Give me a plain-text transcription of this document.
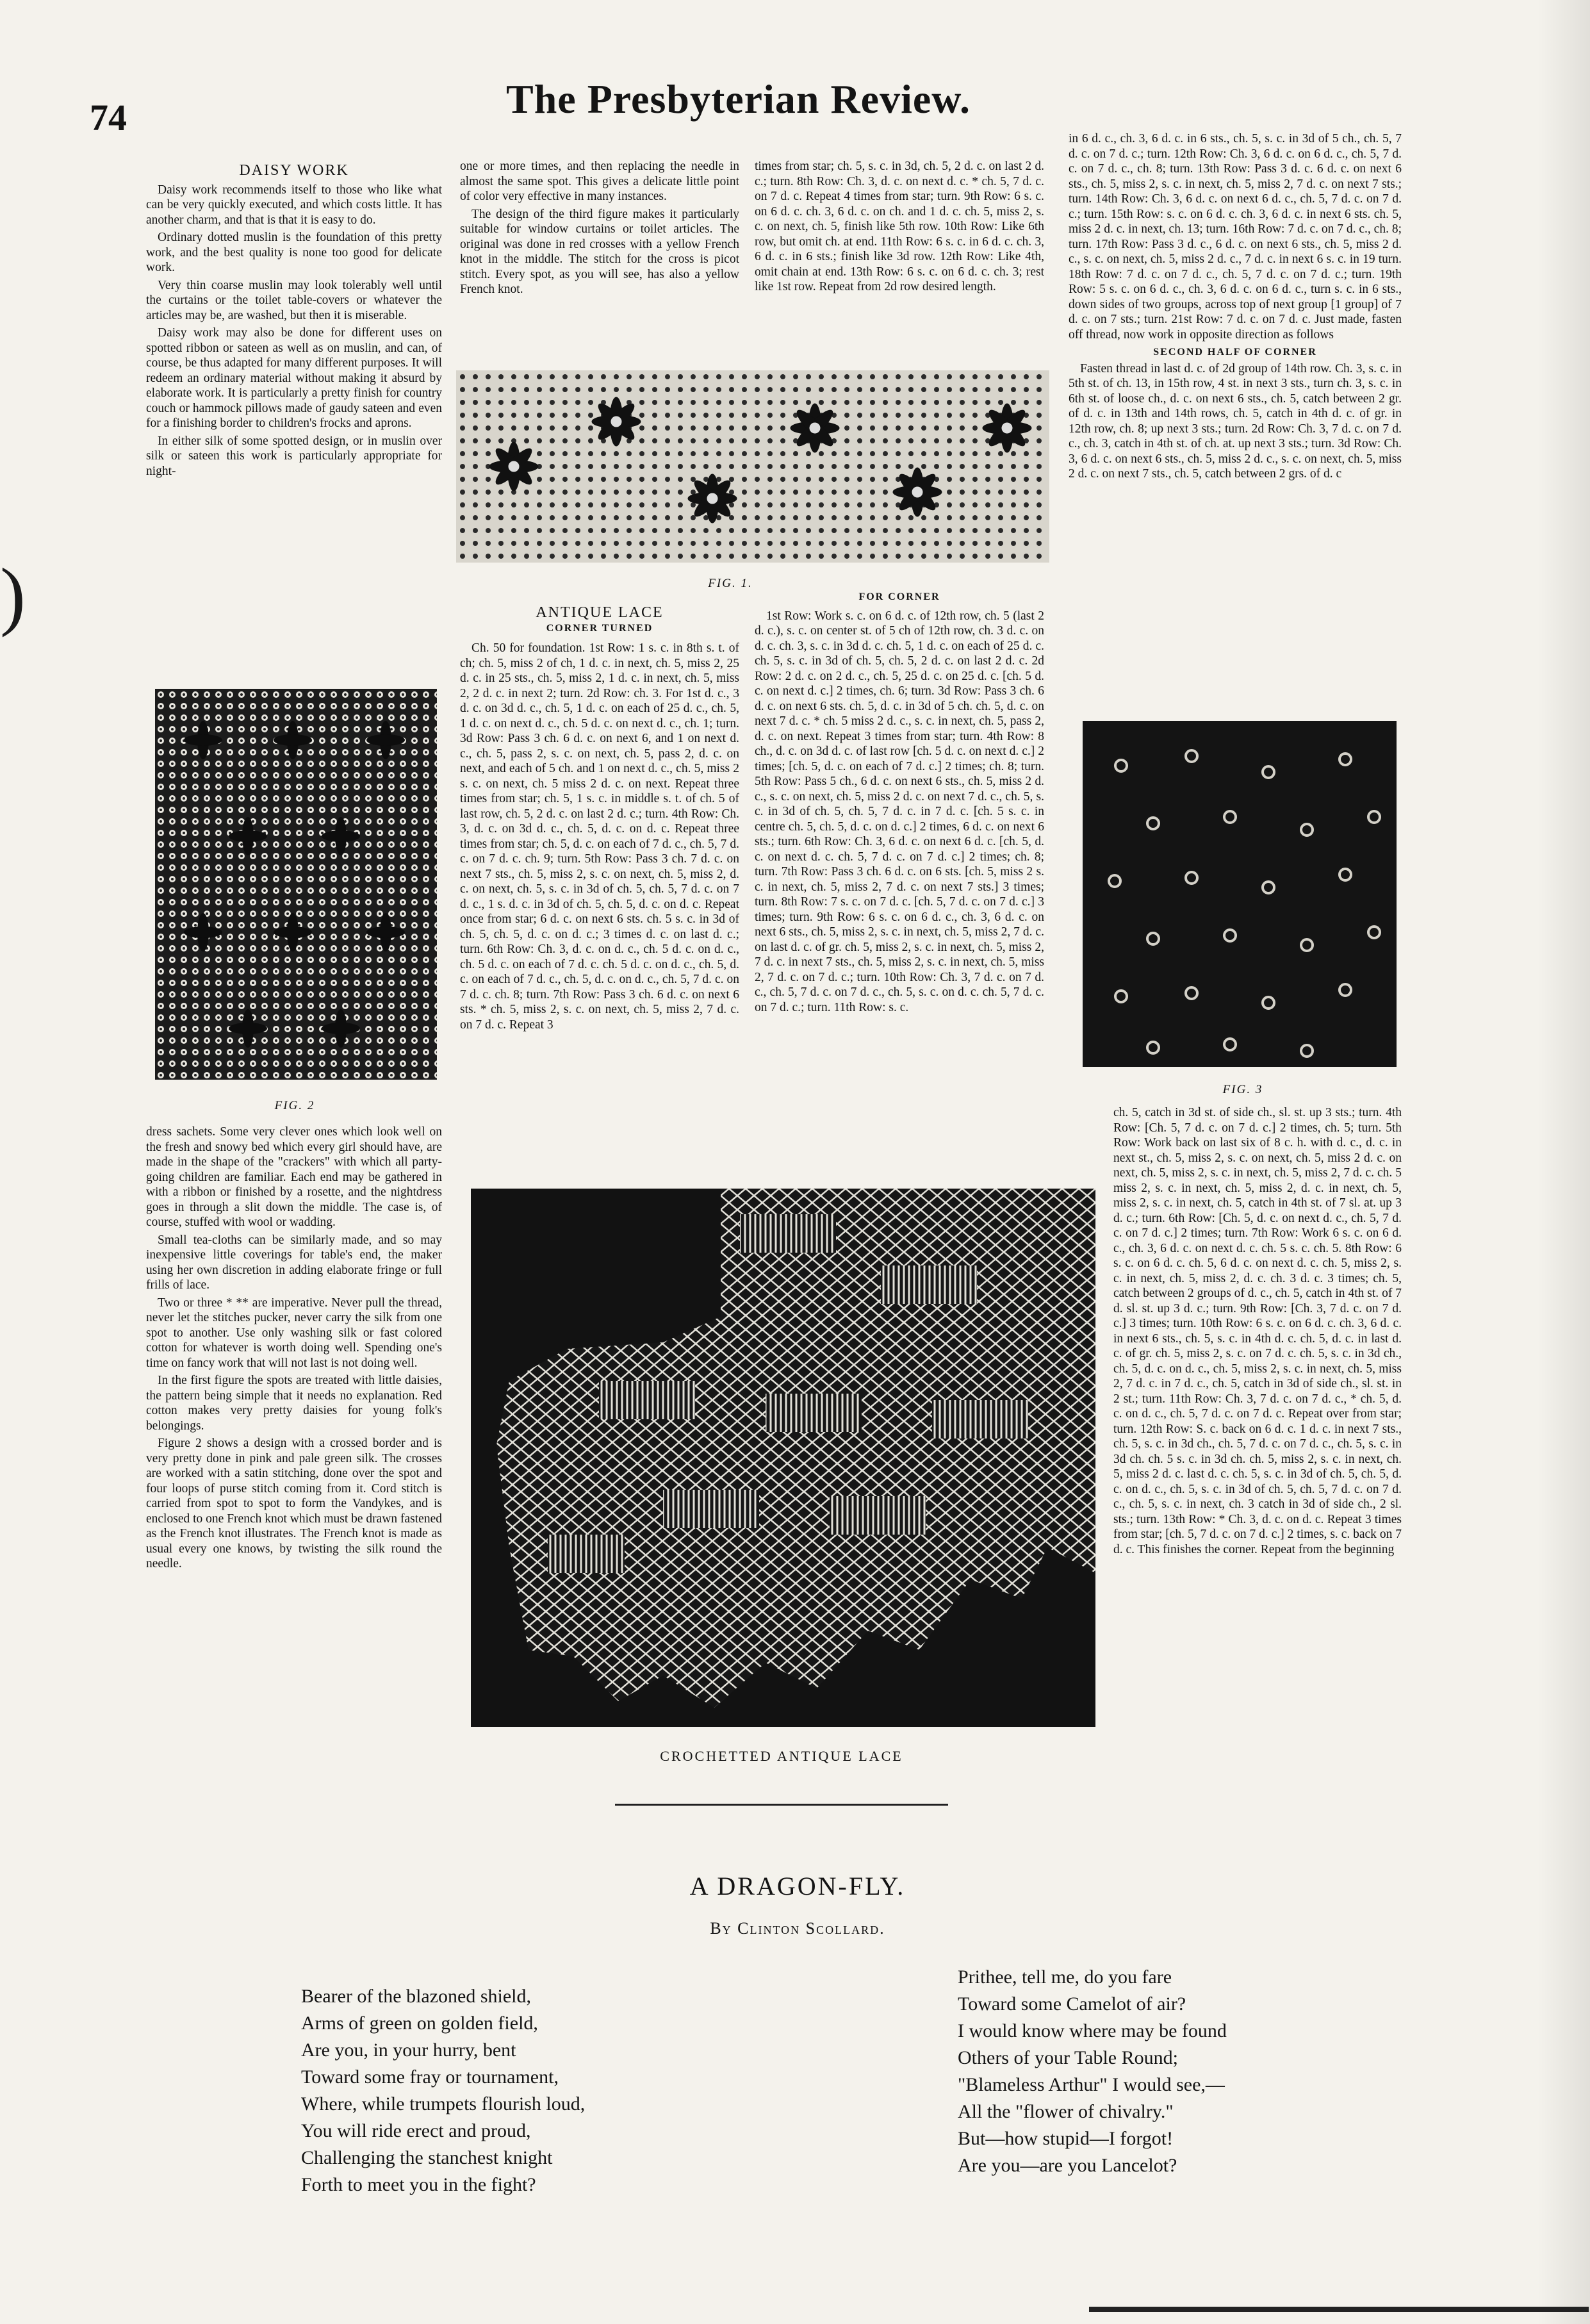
74	The Presbyterian Review.
DAISY WORK

Daisy work recommends itself to those who like what can be very quickly executed, and which costs little. It has another charm, and that is that it is easy to do.

Ordinary dotted muslin is the foundation of this pretty work, and the best quality is none too good for delicate work.

Very thin coarse muslin may look tolerably well until the curtains or the toilet table-covers or whatever the articles may be, are washed, but then it is miserable.

Daisy work may also be done for different uses on spotted ribbon or sateen as well as on muslin, and can, of course, be thus adapted for many different purposes. It will redeem an ordinary material without making it absurd by elaborate work. It is particularly a pretty finish for country couch or hammock pillows made of gaudy sateen and even for a finishing border to children's frocks and aprons.

In either silk of some spotted design, or in muslin over silk or sateen this work is particularly appropriate for night-

FIG. 2

dress sachets. Some very clever ones which look well on the fresh and snowy bed which every girl should have, are made in the shape of the "crackers" with which all party-going children are familiar. Each end may be gathered in with a ribbon or finished by a rosette, and the nightdress goes in through a slit down the middle. The case is, of course, stuffed with wool or wadding.

Small tea-cloths can be similarly made, and so may inexpensive little coverings for table's end, the maker using her own discretion in adding elaborate fringe or full frills of lace.

Two or three * ** are imperative. Never pull the thread, never let the stitches pucker, never carry the silk from one spot to another. Use only washing silk or fast colored cotton for whatever is worth doing well. Spending one's time on fancy work that will not last is not doing well.

In the first figure the spots are treated with little daisies, the pattern being simple that it needs no explanation. Red cotton makes very pretty daisies for young folk's belongings.

Figure 2 shows a design with a crossed border and is very pretty done in pink and pale green silk. The crosses are worked with a satin stitching, done over the spot and four loops of purse stitch coming from it. Cord stitch is carried from spot to spot to form the Vandykes, and is enclosed to one French knot which must be drawn fastened as the French knot illustrates. The French knot is made as usual every one knows, by twisting the silk round the needle.

one or more times, and then replacing the needle in almost the same spot. This gives a delicate little point of color very effective in many instances.

The design of the third figure makes it particularly suitable for window curtains or toilet articles. The original was done in red crosses with a yellow French knot in the middle. The stitch for the cross is picot stitch. Every spot, as you will see, has also a yellow French knot.

times from star; ch. 5, s. c. in 3d, ch. 5, 2 d. c. on last 2 d. c.; turn. 8th Row: Ch. 3, d. c. on next d. c. * ch. 5, 7 d. c. on 7 d. c. Repeat 4 times from star; turn. 9th Row: 6 s. c. on 6 d. c. ch. 3, 6 d. c. on ch. and 1 d. c. ch. 5, miss 2, s. c. on next, ch. 5, finish like 5th row. 10th Row: Like 6th row, but omit ch. at end. 11th Row: 6 s. c. in 6 d. c. ch. 3, 6 d. c. in 6 sts.; finish like 3d row. 12th Row: Like 4th, omit chain at end. 13th Row: 6 s. c. on 6 d. c. ch. 3; rest like 1st row. Repeat from 2d row desired length.

FIG. 1.
ANTIQUE LACE
CORNER TURNED

Ch. 50 for foundation. 1st Row: 1 s. c. in 8th s. t. of ch; ch. 5, miss 2 of ch, 1 d. c. in next, ch. 5, miss 2, 25 d. c. in 25 sts., ch. 5, miss 2, 1 d. c. in next, ch. 5, miss 2, 2 d. c. in next 2; turn. 2d Row: ch. 3. For 1st d. c., 3 d. c. on 3d d. c., ch. 5, 1 d. c. on each of 25 d. c., ch. 5, 1 d. c. on next d. c., ch. 5 d. c. on next d. c., ch. 1; turn. 3d Row: Pass 3 ch. 6 d. c. on next 6, and 1 on next d. c., ch. 5, pass 2, s. c. on next, ch. 5, pass 2, d. c. on next, and each of 5 ch. and 1 on next d. c., ch. 5, miss 2 s. c. on next, ch. 5 miss 2 d. c. on next. Repeat three times from star; ch. 5, 1 s. c. in middle s. t. of ch. 5 of last row, ch. 5, 2 d. c. on last 2 d. c.; turn. 4th Row: Ch. 3, d. c. on 3d d. c., ch. 5, d. c. on d. c. Repeat three times from star; ch. 5, d. c. on each of 7 d. c., ch. 5, 7 d. c. on 7 d. c. ch. 9; turn. 5th Row: Pass 3 ch. 7 d. c. on next 7 sts., ch. 5, miss 2, s. c. on next, ch. 5, miss 2, d. c. on next, ch. 5, s. c. in 3d of ch. 5, ch. 5, 7 d. c. on 7 d. c., 1 s. d. c. in 3d of ch. 5, ch. 5, d. c. on d. c. Repeat once from star; 6 d. c. on next 6 sts. ch. 5 s. c. in 3d of ch. 5, ch. 5, d. c. on d. c.; 3 times d. c. on last d. c.; turn. 6th Row: Ch. 3, d. c. on d. c., ch. 5 d. c. on d. c., ch. 5 d. c. on each of 7 d. c. ch. 5 d. c. on d. c., ch. 5, d. c. on each of 7 d. c., ch. 5, d. c. on d. c., ch. 5, 7 d. c. on 7 d. c. ch. 8; turn. 7th Row: Pass 3 ch. 6 d. c. on next 6 sts. * ch. 5, miss 2, s. c. on next, ch. 5, miss 2, 7 d. c. on 7 d. c. Repeat 3

FOR CORNER

1st Row: Work s. c. on 6 d. c. of 12th row, ch. 5 (last 2 d. c.), s. c. on center st. of 5 ch of 12th row, ch. 3 d. c. on d. c. ch. 3, s. c. in 3d d. c. ch. 5, 1 d. c. on each of 25 d. c. ch. 5, s. c. in 3d of ch. 5, ch. 5, 2 d. c. on last 2 d. c. 2d Row: 2 d. c. on 2 d. c., ch. 5, 25 d. c. on 25 d. c. [ch. 5 d. c. on next d. c.] 2 times, ch. 6; turn. 3d Row: Pass 3 ch. 6 d. c. on next 6 sts. ch. 5, d. c. in 3d of 5 ch. ch. 5, d. c. on next 7 d. c. * ch. 5 miss 2 d. c., s. c. in next, ch. 5, pass 2, d. c. on next. Repeat 3 times from star; turn. 4th Row: 8 ch., d. c. on 3d d. c. of last row [ch. 5 d. c. on next d. c.] 2 times; [ch. 5, d. c. on each of 7 d. c.] 2 times; ch. 8; turn. 5th Row: Pass 5 ch., 6 d. c. on next 6 sts., ch. 5, miss 2 d. c., s. c. on next, ch. 5, miss 2 d. c. on next 7 d. c., ch. 5, s. c. in 3d of ch. 5, ch. 5, 7 d. c. in 7 d. c. [ch. 5 s. c. in centre ch. 5, ch. 5, d. c. on d. c.] 2 times, 6 d. c. on next 6 sts.; turn. 6th Row: Ch. 3, 6 d. c. on next 6 d. c. [ch. 5, d. c. on next d. c. ch. 5, 7 d. c. on 7 d. c.] 2 times; ch. 8; turn. 7th Row: Pass 3 ch. 6 d. c. on 6 sts. [ch. 5, miss 2 s. c. in next, ch. 5, miss 2, 7 d. c. on next 7 sts.] 3 times; turn. 8th Row: 7 s. c. on 7 d. c. [ch. 5, 7 d. c. on 7 d. c.] 3 times; turn. 9th Row: 6 s. c. on 6 d. c., ch. 3, 6 d. c. on next 6 sts., ch. 5, miss 2, s. c. in next, ch. 5, miss 2, 7 d. c. on last d. c. of gr. ch. 5, miss 2, s. c. in next, ch. 5, miss 2, 7 d. c. in next 7 sts., ch. 5, miss 2, s. c. in next, ch. 5, miss 2, 7 d. c. on 7 d. c.; turn. 10th Row: Ch. 3, 7 d. c. on 7 d. c., ch. 5, 7 d. c. on 7 d. c., ch. 5, s. c. on d. c. ch. 5, 7 d. c. on 7 d. c.; turn. 11th Row: s. c.

in 6 d. c., ch. 3, 6 d. c. in 6 sts., ch. 5, s. c. in 3d of 5 ch., ch. 5, 7 d. c. on 7 d. c.; turn. 12th Row: Ch. 3, 6 d. c. on 6 d. c., ch. 5, 7 d. c. on 7 d. c., ch. 8; turn. 13th Row: Pass 3 d. c. 6 d. c. on next 6 sts., ch. 5, miss 2, s. c. in next, ch. 5, miss 2, 7 d. c. on next 7 sts.; turn. 14th Row: Ch. 3, 6 d. c. on next 6 d. c., ch. 5, 7 d. c. on 7 d. c.; turn. 15th Row: s. c. on 6 d. c. ch. 3, 6 d. c. in next 6 sts. ch. 5, miss 2 d. c. in next, ch. 13; turn. 16th Row: 7 d. c. on 7 d. c., ch. 8; turn. 17th Row: Pass 3 d. c., 6 d. c. on next 6 sts., ch. 5, miss 2 d. c., s. c. on next, ch. 5, miss 2 d. c., 7 d. c. in next 6 s. c. in 19 turn. 18th Row: 7 d. c. on 7 d. c., ch. 5, 7 d. c. on 7 d. c.; turn. 19th Row: 5 s. c. on 6 d. c., ch. 3, 6 d. c. on 6 d. c., turn s. c. in 6 sts., down sides of two groups, across top of next group [1 group] of 7 d. c. on 7 sts.; turn. 21st Row: 7 d. c. on 7 d. c. Just made, fasten off thread, now work in opposite direction as follows

SECOND HALF OF CORNER

Fasten thread in last d. c. of 2d group of 14th row. Ch. 3, s. c. in 5th st. of ch. 13, in 15th row, 4 st. in next 3 sts., turn ch. 3, s. c. in 6th st. of loose ch., d. c. on next 6 sts., ch. 5, catch between 2 gr. of d. c. in 13th and 14th rows, ch. 5, catch in 4th d. c. of gr. in 12th row, ch. 8; up next 3 sts.; turn. 2d Row: Ch. 3, 7 d. c. on 7 d. c., ch. 3, catch in 4th st. of ch. at. up next 3 sts.; turn. 3d Row: Ch. 3, 6 d. c. on next 6 sts., ch. 5, miss 2 d. c., s. c. on next, ch. 5, miss 2 d. c. on next 7 sts., ch. 5, catch between 2 grs. of d. c

FIG. 3

ch. 5, catch in 3d st. of side ch., sl. st. up 3 sts.; turn. 4th Row: [Ch. 5, 7 d. c. on 7 d. c.] 2 times, ch. 5; turn. 5th Row: Work back on last six of 8 c. h. with d. c., d. c. in next st., ch. 5, miss 2, s. c. on next, ch. 5, miss 2 d. c. on next, ch. 5, miss 2, s. c. in next, ch. 5, miss 2, 7 d. c. ch. 5 miss 2, s. c. in next, ch. 5, miss 2, d. c. in next, ch. 5, miss 2, s. c. in next, ch. 5, catch in 4th st. of 7 sl. at. up 3 d. c.; turn. 6th Row: [Ch. 5, d. c. on next d. c., ch. 5, 7 d. c. on 7 d. c.] 2 times; turn. 7th Row: Work 6 s. c. on 6 d. c., ch. 3, 6 d. c. on next d. c. ch. 5 s. c. ch. 5. 8th Row: 6 s. c. on 6 d. c. ch. 5, 6 d. c. on next d. c. ch. 5, miss 2, s. c. in next, ch. 5, miss 2, d. c. ch. 3 d. c. 3 times; ch. 5, catch between 2 groups of d. c., ch. 5, catch in 4th st. of 7 d. sl. st. up 3 d. c.; turn. 9th Row: [Ch. 3, 7 d. c. on 7 d. c.] 3 times; turn. 10th Row: 6 s. c. on 6 d. c. ch. 3, 6 d. c. in next 6 sts., ch. 5, s. c. in 4th d. c. ch. 5, d. c. in last d. c. of gr. ch. 5, miss 2, s. c. on 7 d. c. ch. 5, s. c. in 3d ch., ch. 5, d. c. on d. c., ch. 5, miss 2, s. c. in next, ch. 5, miss 2, 7 d. c. in 7 d. c., ch. 5, catch in 3d of side ch., sl. st. in 2 st.; turn. 11th Row: Ch. 3, 7 d. c. on 7 d. c., * ch. 5, d. c. on d. c., ch. 5, 7 d. c. on 7 d. c. Repeat over from star; turn. 12th Row: S. c. back on 6 d. c. 1 d. c. in next 7 sts., ch. 5, s. c. in 3d ch., ch. 5, 7 d. c. on 7 d. c., ch. 5, s. c. in 3d ch. ch. 5 s. c. in 3d ch. ch. 5, miss 2, s. c. in next, ch. 5, miss 2 d. c. last d. c. ch. 5, s. c. in 3d of ch. 5, ch. 5, d. c. on d. c., ch. 5, s. c. in 3d of ch. 5, ch. 5, 7 d. c. on 7 d. c., ch. 5, s. c. in next, ch. 3 catch in 3d of side ch., 2 sl. sts.; turn. 13th Row: * Ch. 3, d. c. on d. c. Repeat 3 times from star; [ch. 5, 7 d. c. on 7 d. c.] 2 times, s. c. back on 7 d. c. This finishes the corner. Repeat from the beginning

CROCHETTED ANTIQUE LACE
A DRAGON-FLY.
By Clinton Scollard.
Bearer of the blazoned shield,
Arms of green on golden field,
Are you, in your hurry, bent
Toward some fray or tournament,
Where, while trumpets flourish loud,
You will ride erect and proud,
Challenging the stanchest knight
Forth to meet you in the fight?
Prithee, tell me, do you fare
Toward some Camelot of air?
I would know where may be found
Others of your Table Round;
"Blameless Arthur" I would see,—
All the "flower of chivalry."
But—how stupid—I forgot!
Are you—are you Lancelot?
)
